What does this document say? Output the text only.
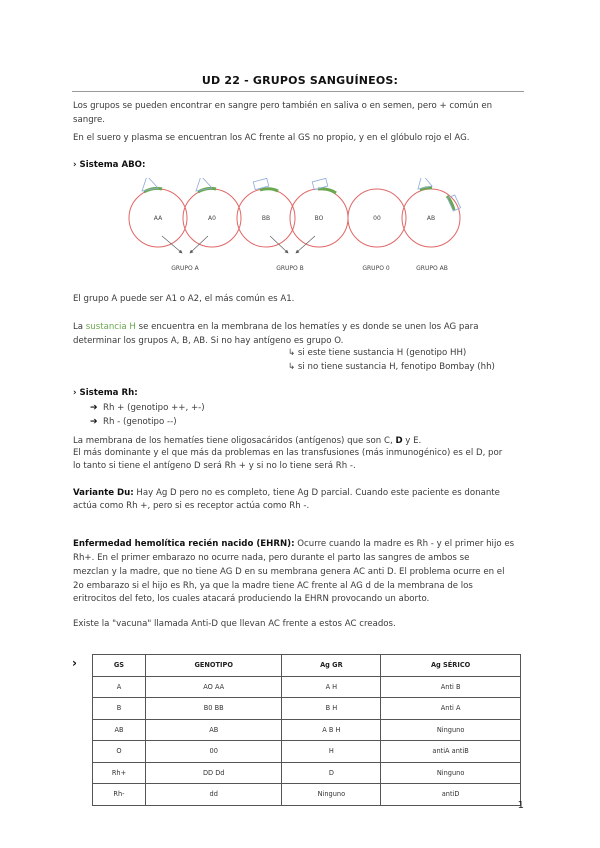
UD 22 - GRUPOS SANGUÍNEOS:
Los grupos se pueden encontrar en sangre pero también en saliva o en semen, pero + común en
sangre.
En el suero y plasma se encuentran los AC frente al GS no propio, y en el glóbulo rojo el AG.
› Sistema ABO:
AA	A0	BB	BO	00	AB
GRUPO A	GRUPO B	GRUPO 0	GRUPO AB
El grupo A puede ser A1 o A2, el más común es A1.
La sustancia H se encuentra en la membrana de los hematíes y es donde se unen los AG para
determinar los grupos A, B, AB. Si no hay antígeno es grupo O.
↳ si este tiene sustancia H (genotipo HH)
↳ si no tiene sustancia H, fenotipo Bombay (hh)
› Sistema Rh:
➔ Rh + (genotipo ++, +-)
➔ Rh - (genotipo --)
La membrana de los hematíes tiene oligosacáridos (antígenos) que son C, D y E.
El más dominante y el que más da problemas en las transfusiones (más inmunogénico) es el D, por
lo tanto si tiene el antígeno D será Rh + y si no lo tiene será Rh -.
Variante Du: Hay Ag D pero no es completo, tiene Ag D parcial. Cuando este paciente es donante
actúa como Rh +, pero si es receptor actúa como Rh -.
Enfermedad hemolítica recién nacido (EHRN): Ocurre cuando la madre es Rh - y el primer hijo es
Rh+. En el primer embarazo no ocurre nada, pero durante el parto las sangres de ambos se
mezclan y la madre, que no tiene AG D en su membrana genera AC anti D. El problema ocurre en el
2o embarazo si el hijo es Rh, ya que la madre tiene AC frente al AG d de la membrana de los
eritrocitos del feto, los cuales atacará produciendo la EHRN provocando un aborto.
Existe la "vacuna" llamada Anti-D que llevan AC frente a estos AC creados.
›	GS	GENOTIPO	Ag GR	Ag SÉRICO
A	AO AA	A H	Anti B
B	B0 BB	B H	Anti A
AB	AB	A B H	Ninguno
O	00	H	antiA antiB
Rh+	DD Dd	D	Ninguno
Rh-	dd	Ninguno	antiD
1
